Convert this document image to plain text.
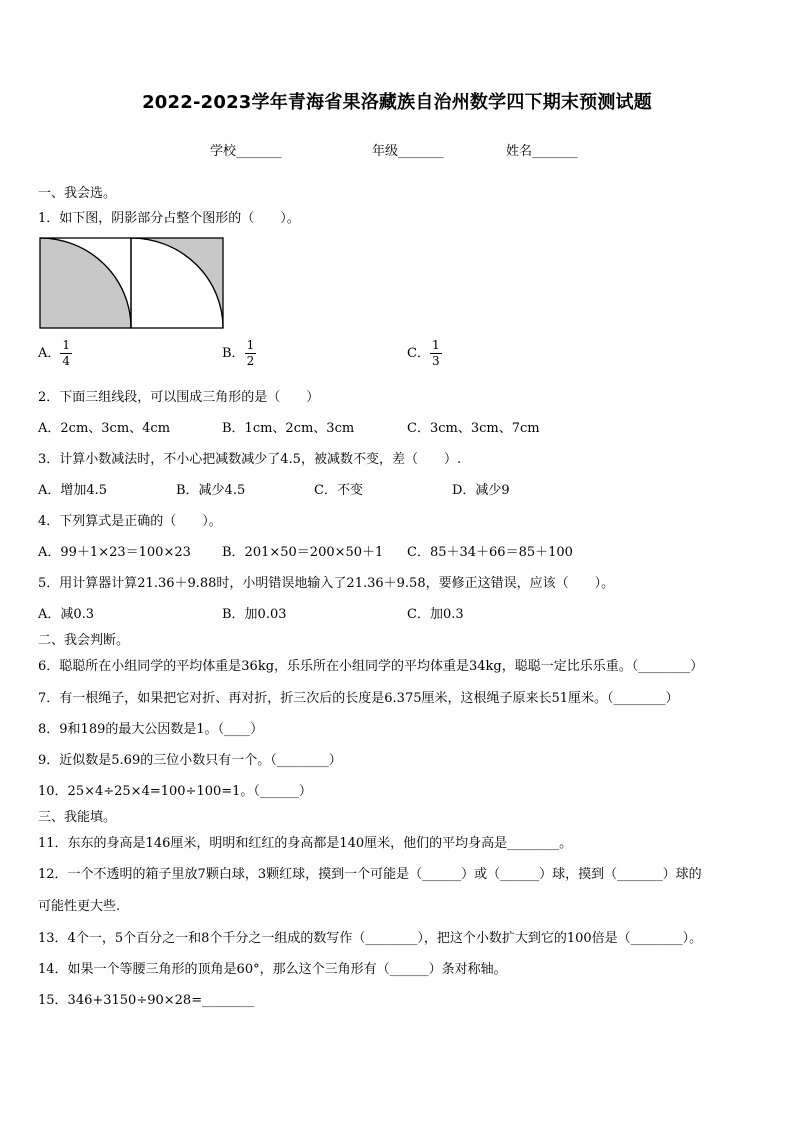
2022-2023学年青海省果洛藏族自治州数学四下期末预测试题
学校_______	年级_______	姓名_______
一、我会选。
1．如下图，阴影部分占整个图形的（　　）。
A． $\frac{1}{4}$	B． $\frac{1}{2}$	C． $\frac{1}{3}$
2．下面三组线段，可以围成三角形的是（　　）
A．2cm、3cm、4cm	B．1cm、2cm、3cm	C．3cm、3cm、7cm
3．计算小数减法时，不小心把减数减少了4.5，被减数不变，差（　　）.
A．增加4.5	B．减少4.5	C．不变	D．减少9
4．下列算式是正确的（　　）。
A．99＋1×23＝100×23 B．201×50＝200×50＋1 C．85＋34＋66＝85＋100
5．用计算器计算21.36＋9.88时，小明错误地输入了21.36＋9.58，要修正这错误，应该（　　）。
A．减0.3	B．加0.03	C．加0.3
二、我会判断。
6．聪聪所在小组同学的平均体重是36kg，乐乐所在小组同学的平均体重是34kg，聪聪一定比乐乐重。（________）
7．有一根绳子，如果把它对折、再对折，折三次后的长度是6.375厘米，这根绳子原来长51厘米。（________）
8．9和189的最大公因数是1。（____）
9．近似数是5.69的三位小数只有一个。（________）
10．25×4÷25×4=100÷100=1。（______）
三、我能填。
11．东东的身高是146厘米，明明和红红的身高都是140厘米，他们的平均身高是________。
12．一个不透明的箱子里放7颗白球，3颗红球，摸到一个可能是（______）或（______）球，摸到（_______）球的
可能性更大些.
13．4个一，5个百分之一和8个千分之一组成的数写作（________），把这个小数扩大到它的100倍是（________）。
14．如果一个等腰三角形的顶角是60°，那么这个三角形有（______）条对称轴。
15．346+3150÷90×28=________
